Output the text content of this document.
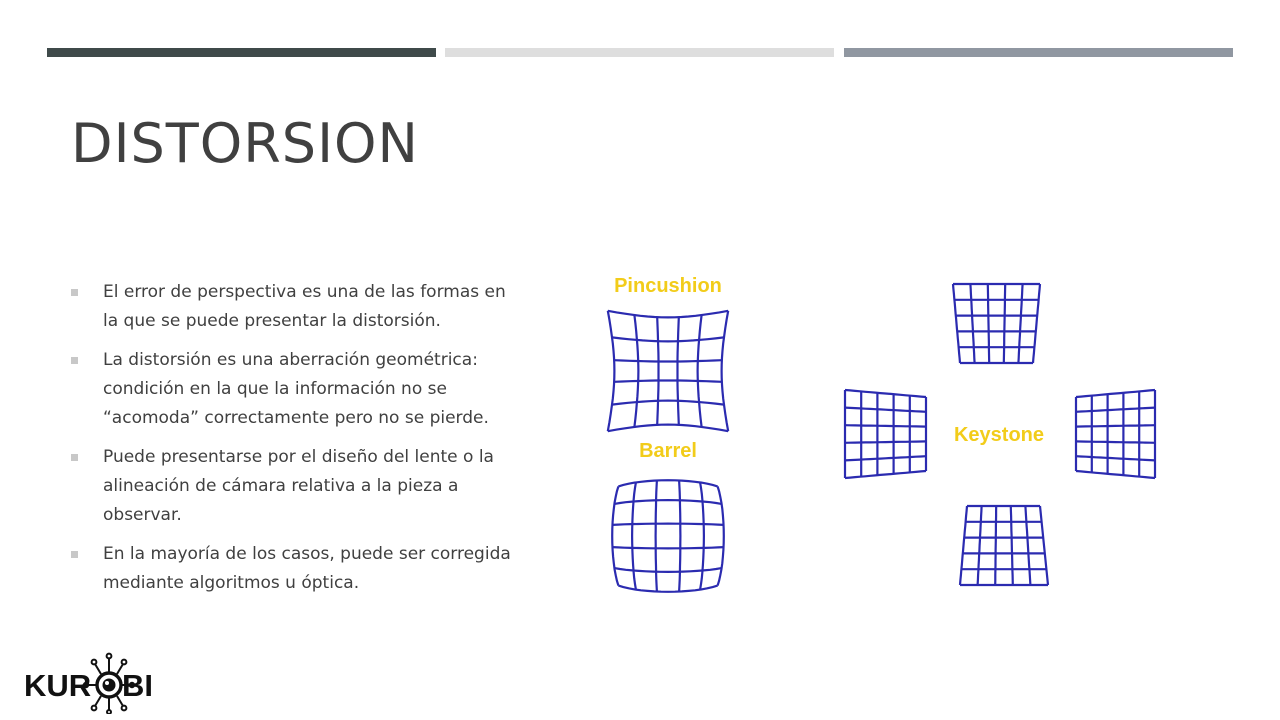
DISTORSION
El error de perspectiva es una de las formas en la que se puede presentar la distorsión.
La distorsión es una aberración geométrica: condición en la que la información no se “acomoda” correctamente pero no se pierde.
Puede presentarse por el diseño del lente o la alineación de cámara relativa a la pieza a observar.
En la mayoría de los casos, puede ser corregida mediante algoritmos u óptica.
Pincushion
Barrel
Keystone
KUR BI
